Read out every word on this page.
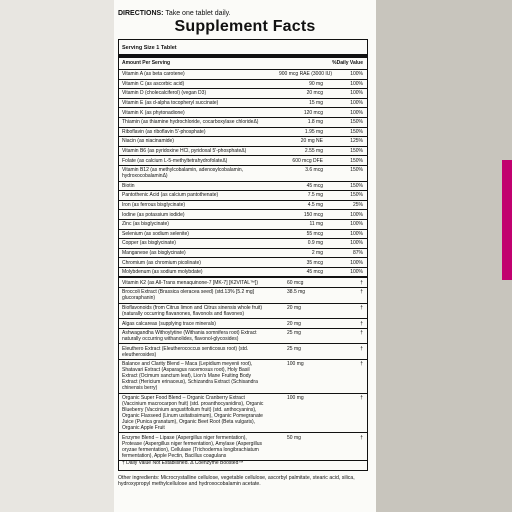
DIRECTIONS: Take one tablet daily.
Supplement Facts
Serving Size 1 Tablet
Amount Per Serving	%Daily Value
Vitamin A (as beta carotene)	900 mcg RAE (3000 IU)	100%
Vitamin C (as ascorbic acid)	90 mg	100%
Vitamin D (cholecalciferol) (vegan D3)	20 mcg	100%
Vitamin E (as d-alpha tocopheryl succinate)	15 mg	100%
Vitamin K (as phytonadione)	120 mcg	100%
Thiamin (as thiamine hydrochloride, cocarboxylase chlorideΔ)	1.8 mg	150%
Riboflavin (as riboflavin 5'-phosphate)	1.95 mg	150%
Niacin (as niacinamide)	20 mg NE	125%
Vitamin B6 (as pyridoxine HCl, pyridoxal 5'-phosphateΔ)	2.55 mg	150%
Folate (as calcium L-5-methyltetrahydrofolateΔ)	600 mcg DFE	150%
Vitamin B12 (as methylcobalamin, adenosylcobalamin, hydroxocobalaminΔ)
3.6 mcg	150%
Biotin	45 mcg	150%
Pantothenic Acid (as calcium pantothenate)	7.5 mg	150%
Iron (as ferrous bisglycinate)	4.5 mg	25%
Iodine (as potassium iodide)	150 mcg	100%
Zinc (as bisglycinate)	11 mg	100%
Selenium (as sodium selenite)	55 mcg	100%
Copper (as bisglycinate)	0.9 mg	100%
Manganese (as bisglycinate)	2 mg	87%
Chromium (as chromium picolinate)	35 mcg	100%
Molybdenum (as sodium molybdate)	45 mcg	100%
Vitamin K2 (as All-Trans menaquinone-7 [MK-7] [K2VITAL™])	60 mcg	†
Broccoli Extract (Brassica oleracea seed) (std.13% [5.2 mg] glucoraphanin)
38.5 mg	†
Bioflavonoids (from Citrus limon and Citrus sinensis whole fruit) (naturally occurring flavanones, flavonols and flavones)
20 mg	†
Algas calcareas (supplying trace minerals)	20 mg	†
Ashwagandha Withoylytine (Withania somnifera root) Extract naturally occurring withanolides, flavonol-glycosides)
25 mg	†
Eleuthero Extract (Eleutherococcus senticosus root) (std. eleutherosides)
25 mg	†
Balance and Clarity Blend – Maca (Lepidium meyenii root), Shatavari Extract (Asparagus racemosus root), Holy Basil Extract (Ocimum sanctum leaf), Lion's Mane Fruiting Body Extract (Hericium erinaceus), Schizandra Extract (Schisandra chinensis berry)
100 mg	†
Organic Super Food Blend – Organic Cranberry Extract (Vaccinium macrocarpon fruit) (std. proanthocyanidins), Organic Blueberry (Vaccinium angustifolium fruit) (std. anthocyanins), Organic Flaxseed (Linum usitatissimum), Organic Pomegranate Juice (Punica granatum), Organic Beet Root (Beta vulgaris), Organic Apple Fruit
100 mg	†
Enzyme Blend – Lipase (Aspergillus niger fermentation), Protease (Aspergillus niger fermentation), Amylase (Aspergillus oryzae fermentation), Cellulase (Trichoderma longibrachiatum fermentation), Apple Pectin, Bacillus coagulans
50 mg	†
† Daily Value Not Established. Δ Coenzyme Boosted™
Other ingredients: Microcrystalline cellulose, vegetable cellulose, ascorbyl palmitate, stearic acid, silica, hydroxypropyl methylcellulose and hydroxocobalamin acetate.
